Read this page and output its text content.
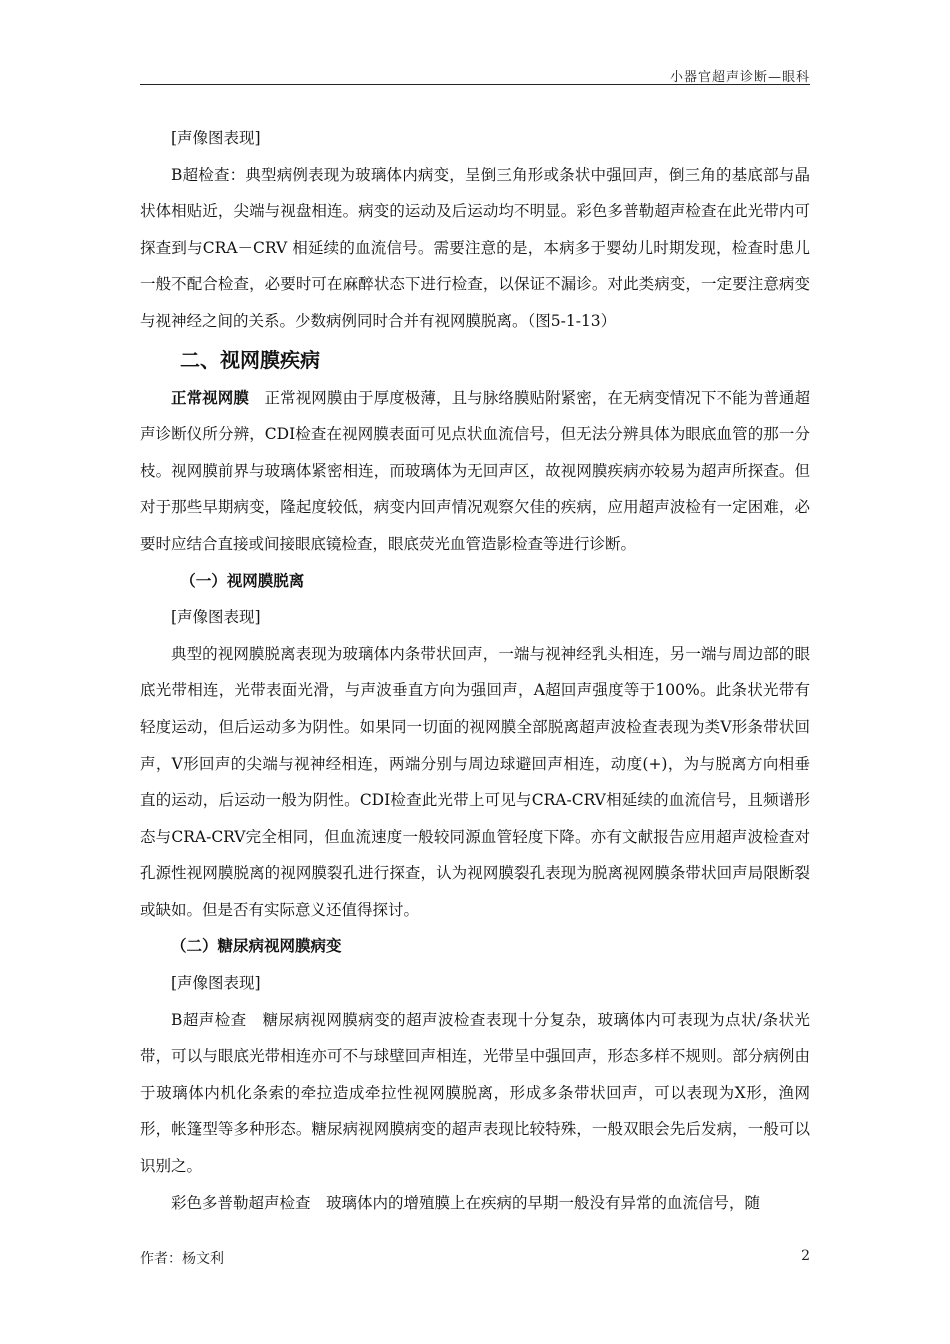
小器官超声诊断—眼科

[声像图表现]

B超检查：典型病例表现为玻璃体内病变，呈倒三角形或条状中强回声，倒三角的基底部与晶状体相贴近，尖端与视盘相连。病变的运动及后运动均不明显。彩色多普勒超声检查在此光带内可探查到与CRA－CRV 相延续的血流信号。需要注意的是，本病多于婴幼儿时期发现，检查时患儿一般不配合检查，必要时可在麻醉状态下进行检查，以保证不漏诊。对此类病变，一定要注意病变与视神经之间的关系。少数病例同时合并有视网膜脱离。（图5-1-13）

二、视网膜疾病

正常视网膜　正常视网膜由于厚度极薄，且与脉络膜贴附紧密，在无病变情况下不能为普通超声诊断仪所分辨，CDI检查在视网膜表面可见点状血流信号，但无法分辨具体为眼底血管的那一分枝。视网膜前界与玻璃体紧密相连，而玻璃体为无回声区，故视网膜疾病亦较易为超声所探查。但对于那些早期病变，隆起度较低，病变内回声情况观察欠佳的疾病，应用超声波检有一定困难，必要时应结合直接或间接眼底镜检查，眼底荧光血管造影检查等进行诊断。

（一）视网膜脱离

[声像图表现]

典型的视网膜脱离表现为玻璃体内条带状回声，一端与视神经乳头相连，另一端与周边部的眼底光带相连，光带表面光滑，与声波垂直方向为强回声，A超回声强度等于100%。此条状光带有轻度运动，但后运动多为阴性。如果同一切面的视网膜全部脱离超声波检查表现为类V形条带状回声，V形回声的尖端与视神经相连，两端分别与周边球避回声相连，动度(+)，为与脱离方向相垂直的运动，后运动一般为阴性。CDI检查此光带上可见与CRA-CRV相延续的血流信号，且频谱形态与CRA-CRV完全相同，但血流速度一般较同源血管轻度下降。亦有文献报告应用超声波检查对孔源性视网膜脱离的视网膜裂孔进行探查，认为视网膜裂孔表现为脱离视网膜条带状回声局限断裂或缺如。但是否有实际意义还值得探讨。

（二）糖尿病视网膜病变

[声像图表现]

B超声检查　糖尿病视网膜病变的超声波检查表现十分复杂，玻璃体内可表现为点状/条状光带，可以与眼底光带相连亦可不与球壁回声相连，光带呈中强回声，形态多样不规则。部分病例由于玻璃体内机化条索的牵拉造成牵拉性视网膜脱离，形成多条带状回声，可以表现为X形，渔网形，帐篷型等多种形态。糖尿病视网膜病变的超声表现比较特殊，一般双眼会先后发病，一般可以识别之。

彩色多普勒超声检查　玻璃体内的增殖膜上在疾病的早期一般没有异常的血流信号，随

作者：杨文利	2
